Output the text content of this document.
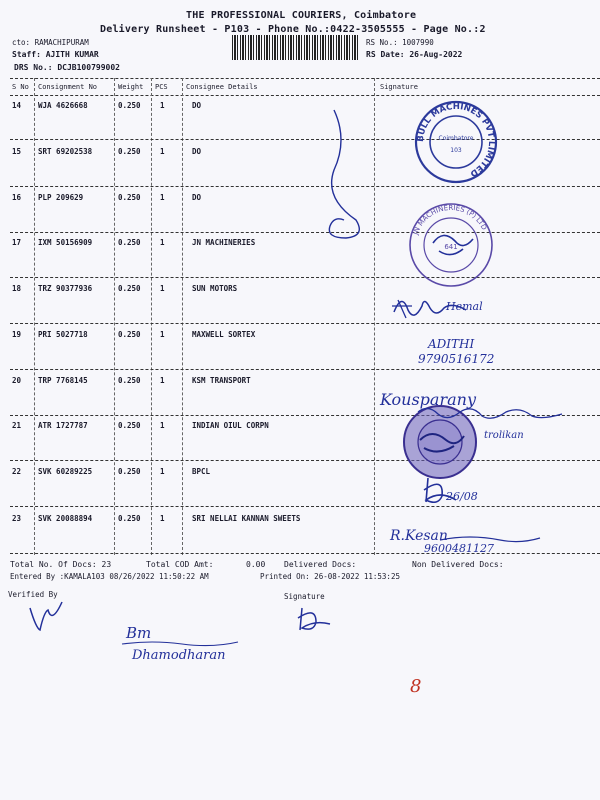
THE PROFESSIONAL COURIERS, Coimbatore
Delivery Runsheet - P103 - Phone No.:0422-3505555 - Page No.:2
cto: RAMACHIPURAM
Staff: AJITH KUMAR
DRS No.: DCJB100799002
RS No.: 1007990
RS Date: 26-Aug-2022
S No Consignment No	Weight PCS	Consignee Details	Signature
14 WJA 4626668	0.250	1	DO
15 SRT 69202538	0.250	1	DO
16 PLP 209629	0.250	1	DO
17 IXM 50156909	0.250	1	JN MACHINERIES
18 TRZ 90377936	0.250	1	SUN MOTORS
19 PRI 5027718	0.250	1	MAXWELL SORTEX
20 TRP 7768145	0.250	1	KSM TRANSPORT
21 ATR 1727787	0.250	1	INDIAN OIUL CORPN
22 SVK 60289225	0.250	1	BPCL
23 SVK 20088894	0.250	1	SRI NELLAI KANNAN SWEETS
Total No. Of Docs: 23	Total COD Amt:	0.00 Delivered Docs:	Non Delivered Docs:
Entered By :KAMALA103 08/26/2022 11:50:22 AM	Printed On: 26-08-2022 11:53:25
Verified By	Signature
BULL MACHINES PVT LIMITED
Coimbatore
103
JN MACHINERIES (P) LTD
641
Hemal
ADITHI
9790516172
Kousparany
trolikan
26/08
R.Kesan
9600481127
Bm
Dhamodharan
8
